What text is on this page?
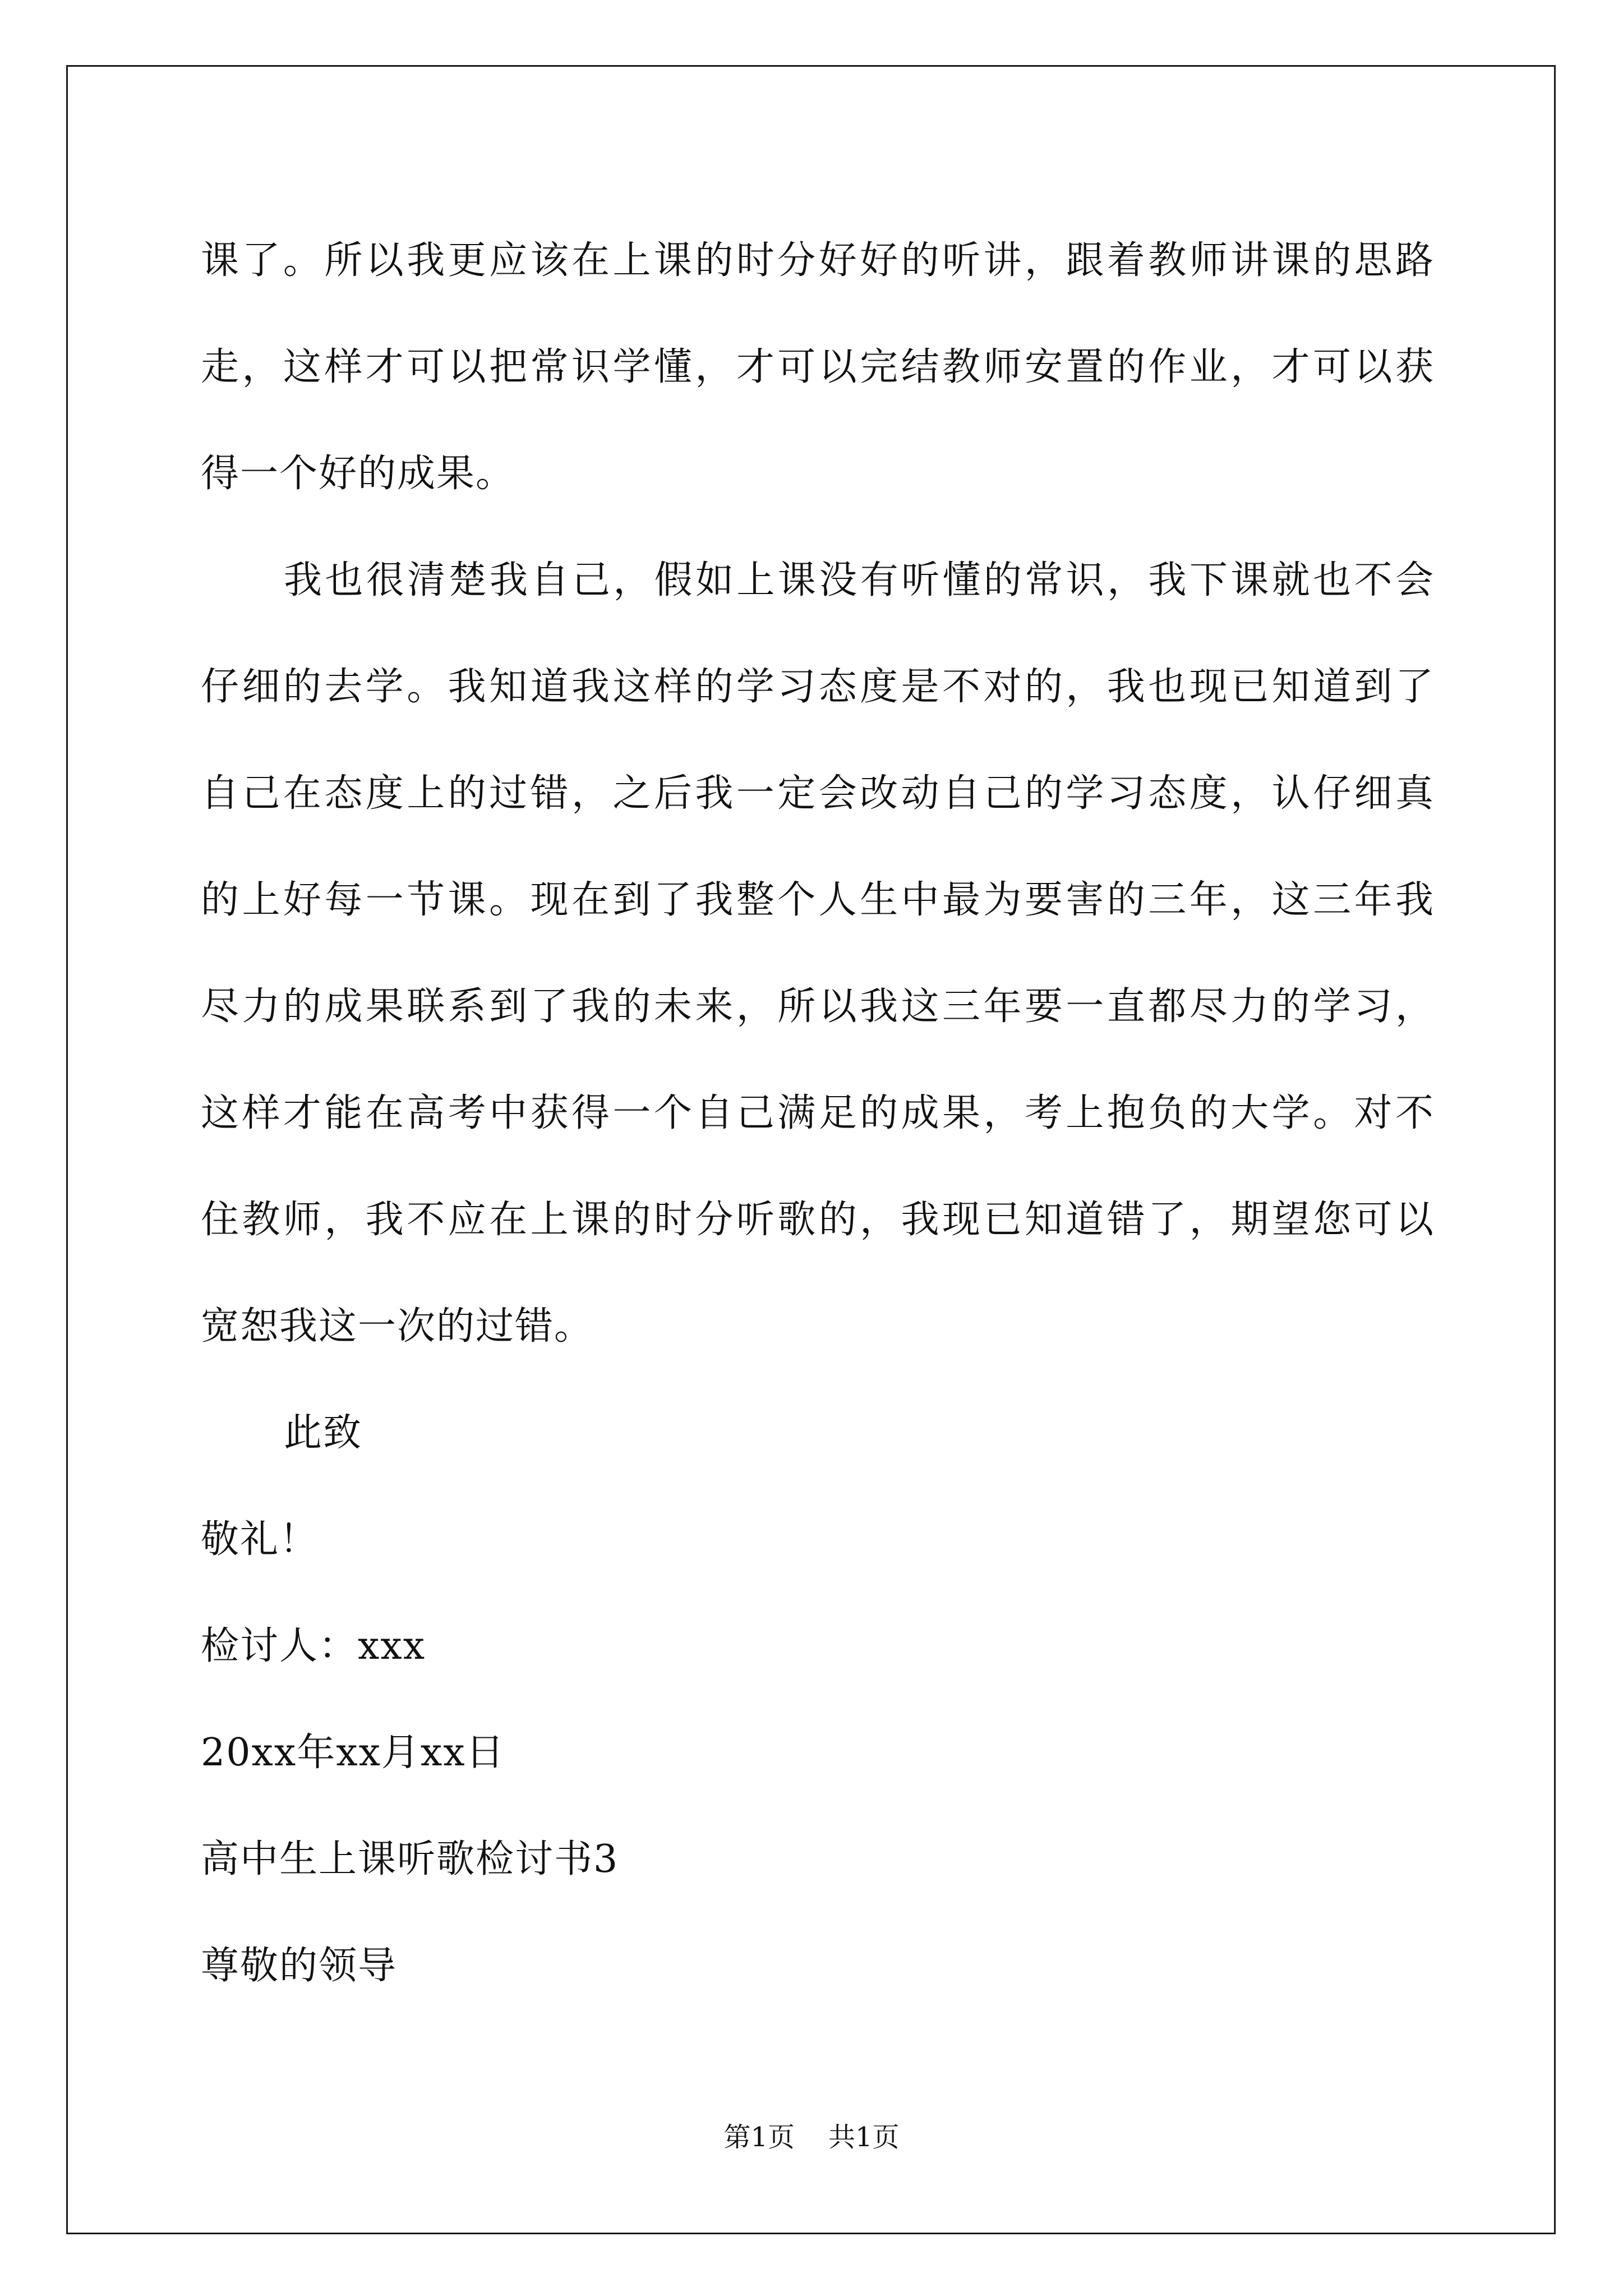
课了。所以我更应该在上课的时分好好的听讲，跟着教师讲课的思路
走，这样才可以把常识学懂，才可以完结教师安置的作业，才可以获
得一个好的成果。
我也很清楚我自己，假如上课没有听懂的常识，我下课就也不会
仔细的去学。我知道我这样的学习态度是不对的，我也现已知道到了
自己在态度上的过错，之后我一定会改动自己的学习态度，认仔细真
的上好每一节课。现在到了我整个人生中最为要害的三年，这三年我
尽力的成果联系到了我的未来，所以我这三年要一直都尽力的学习，
这样才能在高考中获得一个自己满足的成果，考上抱负的大学。对不
住教师，我不应在上课的时分听歌的，我现已知道错了，期望您可以
宽恕我这一次的过错。
此致
敬礼！
检讨人：xxx
20xx年xx月xx日
高中生上课听歌检讨书3
尊敬的领导
第1页 共1页
